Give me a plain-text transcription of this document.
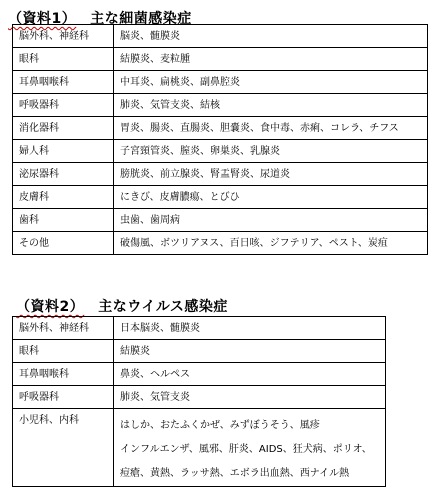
（資料1） 主な細菌感染症
脳外科、神経科	脳炎、髄膜炎
眼科	結膜炎、麦粒腫
耳鼻咽喉科	中耳炎、扁桃炎、副鼻腔炎
呼吸器科	肺炎、気管支炎、結核
消化器科	胃炎、腸炎、直腸炎、胆嚢炎、食中毒、赤痢、コレラ、チフス
婦人科	子宮頸管炎、膣炎、卵巣炎、乳腺炎
泌尿器科	膀胱炎、前立腺炎、腎盂腎炎、尿道炎
皮膚科	にきび、皮膚膿瘍、とびひ
歯科	虫歯、歯周病
その他	破傷風、ボツリアヌス、百日咳、ジフテリア、ペスト、炭疽
（資料2） 主なウイルス感染症
脳外科、神経科	日本脳炎、髄膜炎
眼科	結膜炎
耳鼻咽喉科	鼻炎、ヘルペス
呼吸器科	肺炎、気管支炎
小児科、内科	はしか、おたふくかぜ、みずぼうそう、風疹
インフルエンザ、風邪、肝炎、AIDS、狂犬病、ポリオ、
痘瘡、黄熱、ラッサ熱、エボラ出血熱、西ナイル熱
